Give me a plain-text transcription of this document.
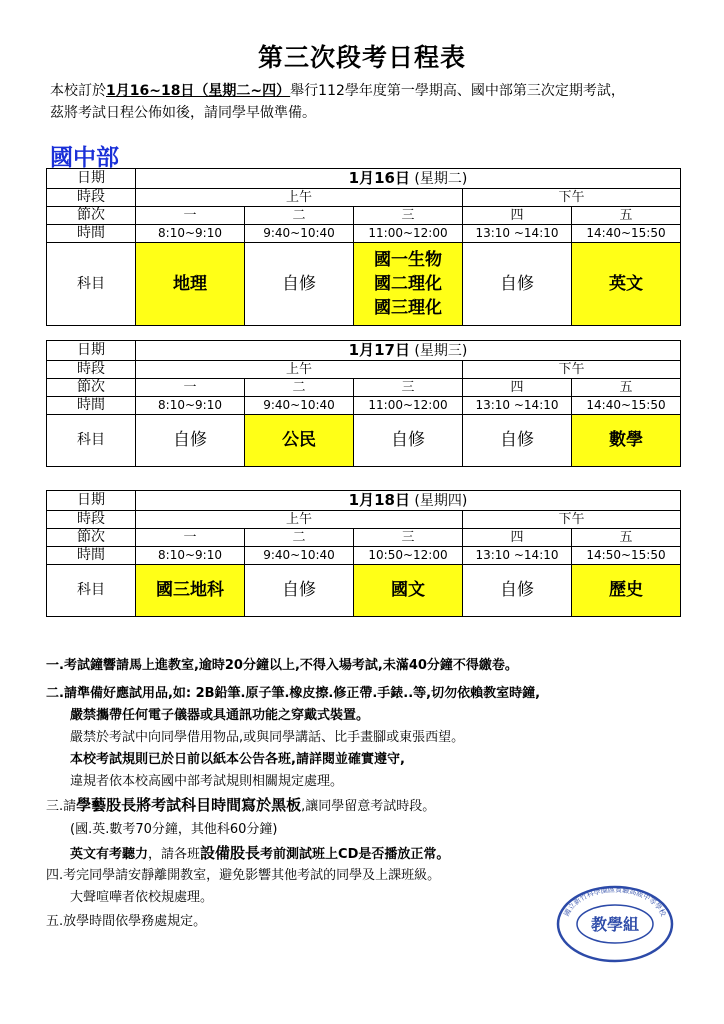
第三次段考日程表
本校訂於1月16~18日（星期二~四）舉行112學年度第一學期高、國中部第三次定期考試，
茲將考試日程公佈如後，請同學早做準備。
國中部
日期	1月16日 (星期二)				
時段	上午			下午	
節次	一	二	三	四	五
時間	8:10~9:10	9:40~10:40	11:00~12:00	13:10 ~14:10	14:40~15:50
科目	地理	自修	國一生物
國二理化
國三理化	自修	英文
日期	1月17日 (星期三)				
時段	上午			下午	
節次	一	二	三	四	五
時間	8:10~9:10	9:40~10:40	11:00~12:00	13:10 ~14:10	14:40~15:50
科目	自修	公民	自修	自修	數學
日期	1月18日 (星期四)				
時段	上午			下午	
節次	一	二	三	四	五
時間	8:10~9:10	9:40~10:40	10:50~12:00	13:10 ~14:10	14:50~15:50
科目	國三地科	自修	國文	自修	歷史
一.考試鐘響請馬上進教室,逾時20分鐘以上,不得入場考試,未滿40分鐘不得繳卷。
二.請準備好應試用品,如: 2B鉛筆.原子筆.橡皮擦.修正帶.手錶..等,切勿依賴教室時鐘,
嚴禁攜帶任何電子儀器或具通訊功能之穿戴式裝置。
嚴禁於考試中向同學借用物品,或與同學講話、比手畫腳或東張西望。
本校考試規則已於日前以紙本公告各班,請詳閱並確實遵守,
違規者依本校高國中部考試規則相關規定處理。
三.請學藝股長將考試科目時間寫於黑板,讓同學留意考試時段。
(國.英.數考70分鐘，其他科60分鐘)
英文有考聽力，請各班設備股長考前測試班上CD是否播放正常。
四.考完同學請安靜離開教室，避免影響其他考試的同學及上課班級。
大聲喧嘩者依校規處理。
五.放學時間依學務處規定。
國立新竹科學園區實驗高級中等學校
教學組
